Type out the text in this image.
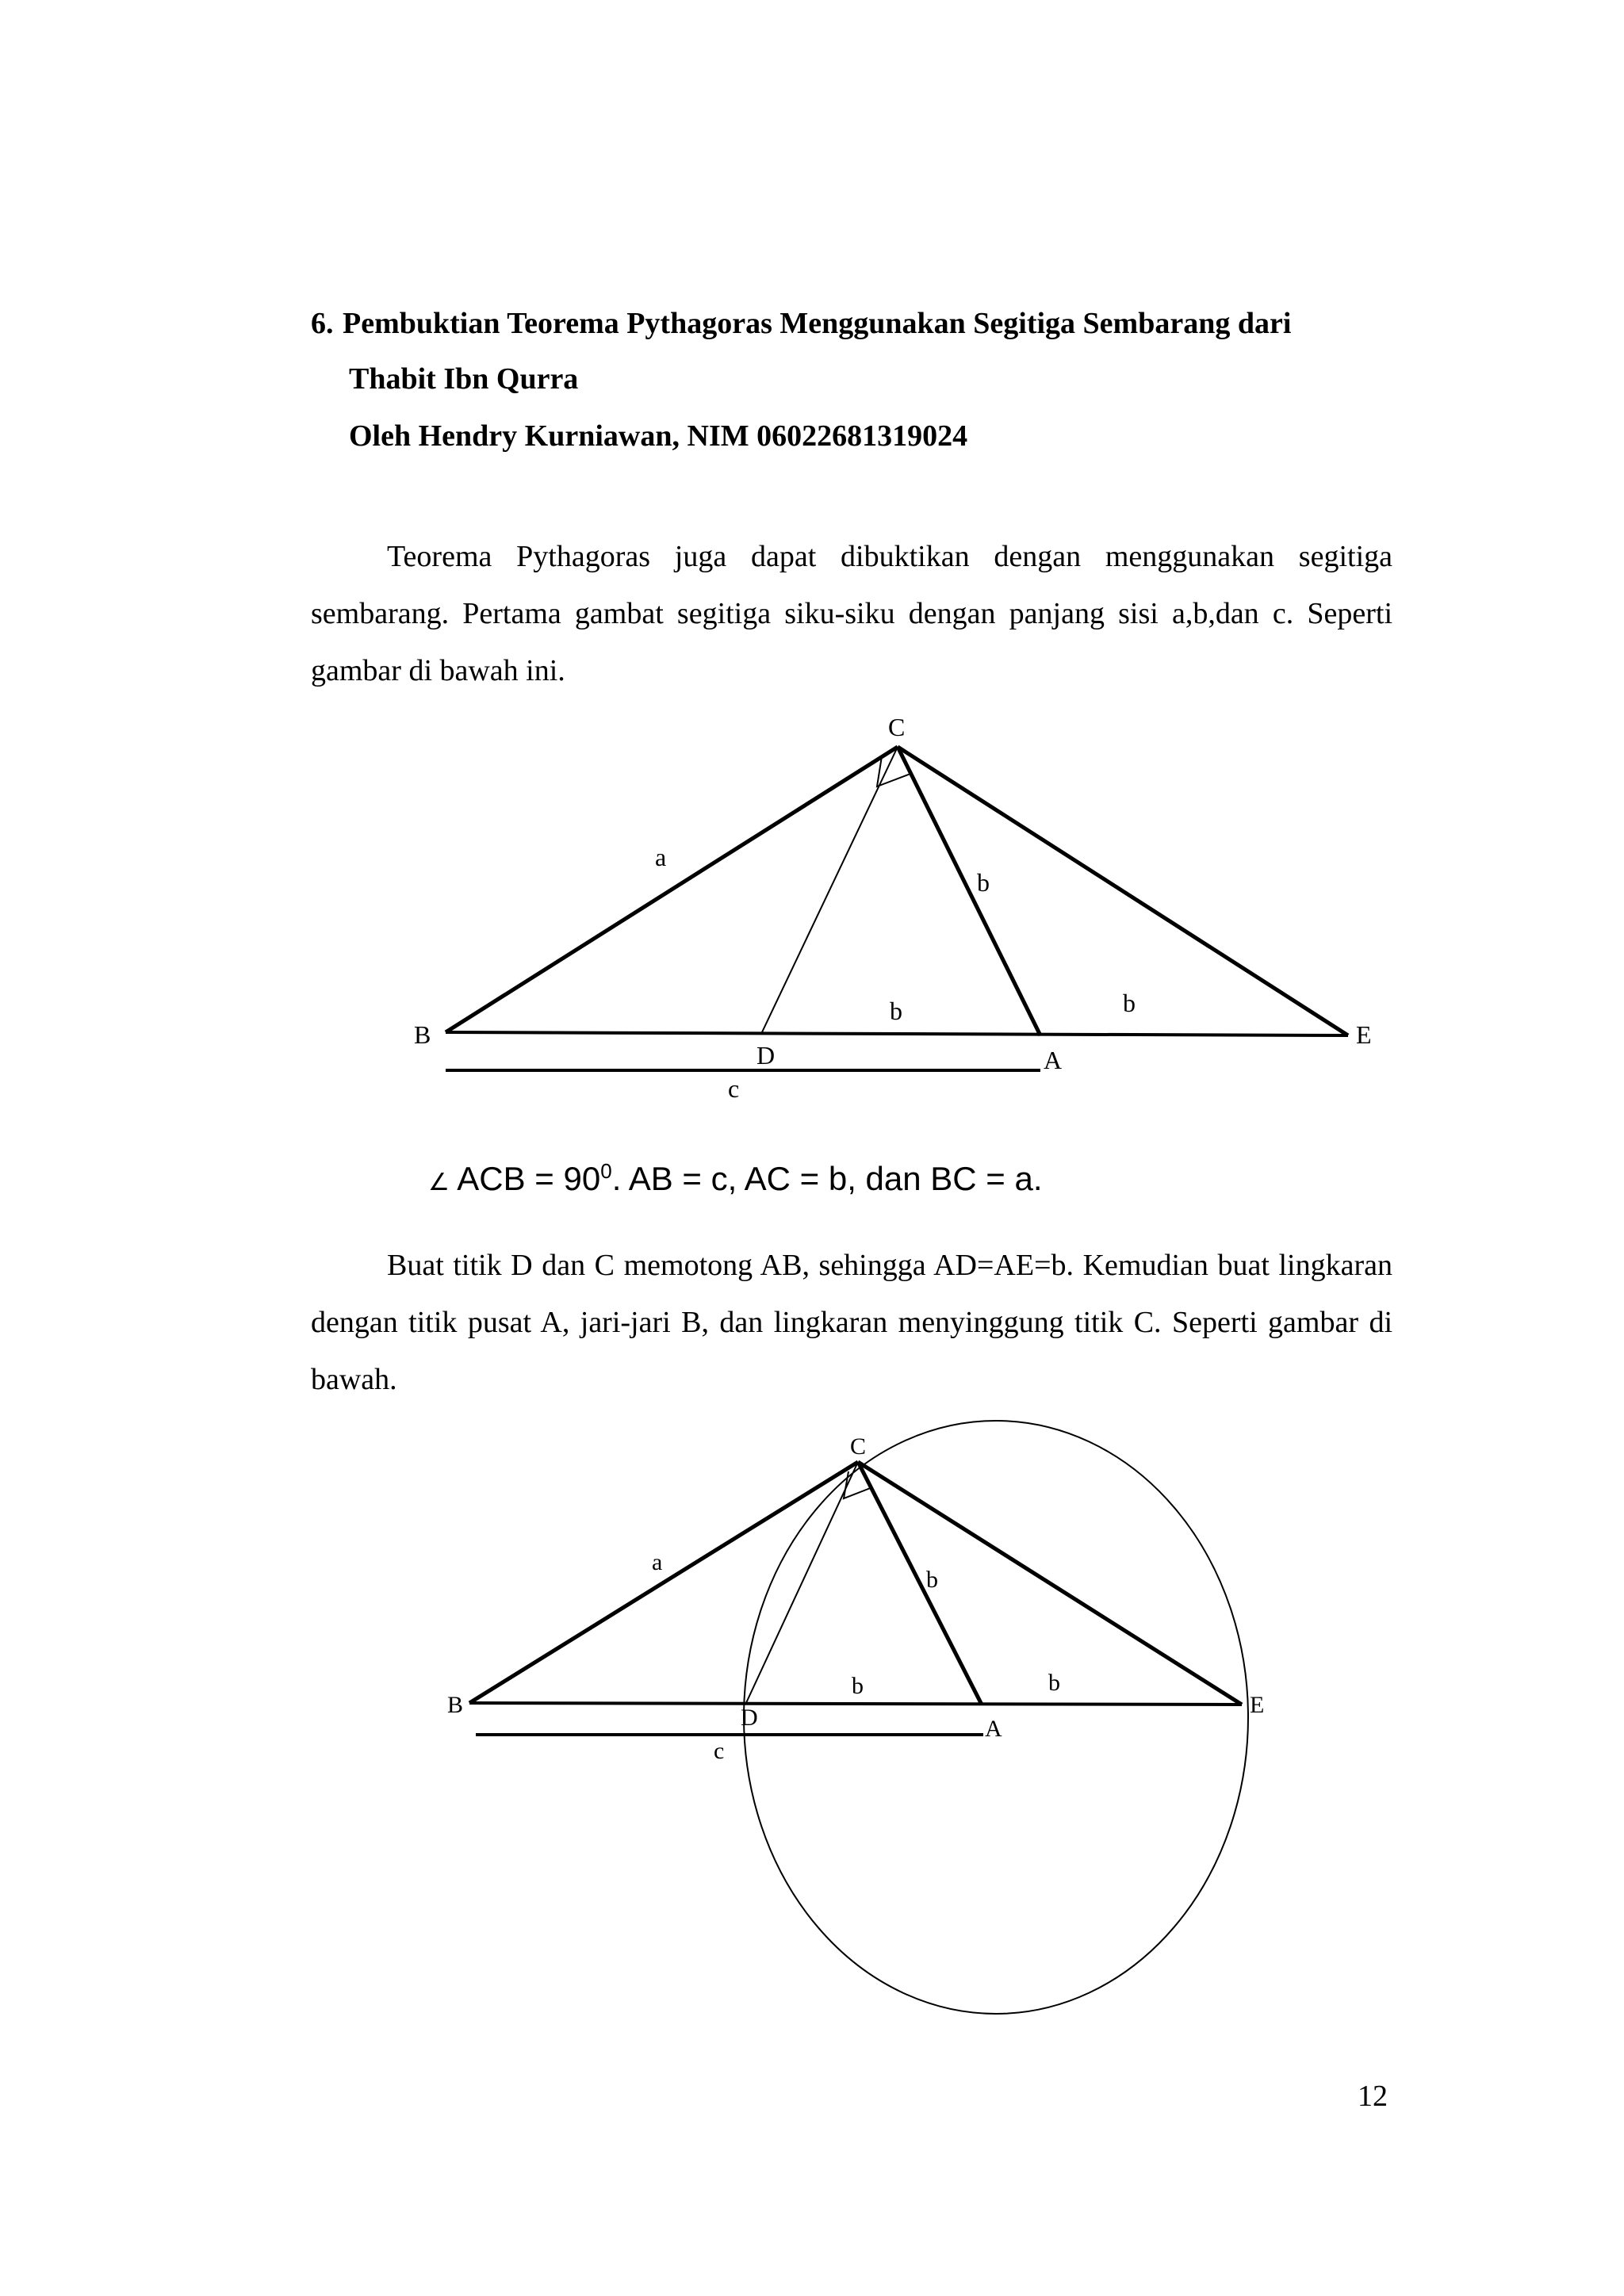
6. Pembuktian Teorema Pythagoras Menggunakan Segitiga Sembarang dari
Thabit Ibn Qurra
Oleh Hendry Kurniawan, NIM 06022681319024

Teorema Pythagoras juga dapat dibuktikan dengan menggunakan segitiga sembarang. Pertama gambat segitiga siku-siku dengan panjang sisi a,b,dan c. Seperti gambar di bawah ini.

C
B
D	A
E
a
b
b	b
c
∠ ACB = $90^0$. AB = c, AC = b, dan BC = a.

Buat titik D dan C memotong AB, sehingga AD=AE=b. Kemudian buat lingkaran dengan titik pusat A, jari-jari B, dan lingkaran menyinggung titik C. Seperti gambar di bawah.

C
B	D	A
E
a
b
b	b
c
12
